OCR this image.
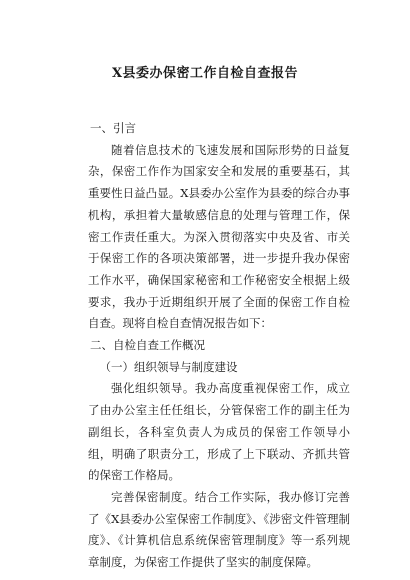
X县委办保密工作自检自查报告

一、引言

随着信息技术的飞速发展和国际形势的日益复杂，保密工作作为国家安全和发展的重要基石，其重要性日益凸显。X县委办公室作为县委的综合办事机构，承担着大量敏感信息的处理与管理工作，保密工作责任重大。为深入贯彻落实中央及省、市关于保密工作的各项决策部署，进一步提升我办保密工作水平，确保国家秘密和工作秘密安全根据上级要求，我办于近期组织开展了全面的保密工作自检自查。现将自检自查情况报告如下：

二、自检自查工作概况

（一）组织领导与制度建设

强化组织领导。我办高度重视保密工作，成立了由办公室主任任组长，分管保密工作的副主任为副组长，各科室负责人为成员的保密工作领导小组，明确了职责分工，形成了上下联动、齐抓共管的保密工作格局。

完善保密制度。结合工作实际，我办修订完善了《X县委办公室保密工作制度》、《涉密文件管理制度》、《计算机信息系统保密管理制度》等一系列规章制度，为保密工作提供了坚实的制度保障。
